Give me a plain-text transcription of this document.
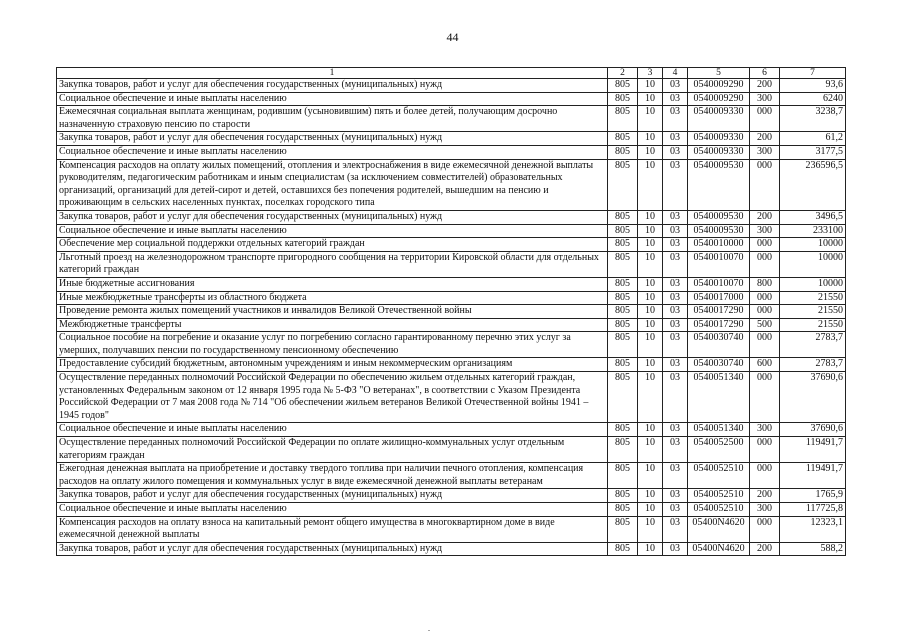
44
1	2	3	4	5	6	7
Закупка товаров, работ и услуг для обеспечения государственных (муниципальных) нужд	805	10	03	0540009290	200	93,6
Социальное обеспечение и иные выплаты населению	805	10	03	0540009290	300	6240
Ежемесячная социальная выплата женщинам, родившим (усыновившим) пять и более детей, получающим досрочно назначенную страховую пенсию по старости	805	10	03	0540009330	000	3238,7
Закупка товаров, работ и услуг для обеспечения государственных (муниципальных) нужд	805	10	03	0540009330	200	61,2
Социальное обеспечение и иные выплаты населению	805	10	03	0540009330	300	3177,5
Компенсация расходов на оплату жилых помещений, отопления и электроснабжения в виде ежемесячной денежной выплаты руководителям, педагогическим работникам и иным специалистам (за исключением совместителей) образовательных организаций, организаций для детей-сирот и детей, оставшихся без попечения родителей, вышедшим на пенсию и проживающим в сельских населенных пунктах, поселках городского типа	805	10	03	0540009530	000	236596,5
Закупка товаров, работ и услуг для обеспечения государственных (муниципальных) нужд	805	10	03	0540009530	200	3496,5
Социальное обеспечение и иные выплаты населению	805	10	03	0540009530	300	233100
Обеспечение мер социальной поддержки отдельных категорий граждан	805	10	03	0540010000	000	10000
Льготный проезд на железнодорожном транспорте пригородного сообщения на территории Кировской области для отдельных категорий граждан	805	10	03	0540010070	000	10000
Иные бюджетные ассигнования	805	10	03	0540010070	800	10000
Иные межбюджетные трансферты из областного бюджета	805	10	03	0540017000	000	21550
Проведение ремонта жилых помещений участников и инвалидов Великой Отечественной войны	805	10	03	0540017290	000	21550
Межбюджетные трансферты	805	10	03	0540017290	500	21550
Социальное пособие на погребение и оказание услуг по погребению согласно гарантированному перечню этих услуг за умерших, получавших пенсии по государственному пенсионному обеспечению	805	10	03	0540030740	000	2783,7
Предоставление субсидий бюджетным, автономным учреждениям и иным некоммерческим организациям	805	10	03	0540030740	600	2783,7
Осуществление переданных полномочий Российской Федерации по обеспечению жильем отдельных категорий граждан, установленных Федеральным законом от 12 января 1995 года № 5-ФЗ "О ветеранах", в соответствии с Указом Президента Российской Федерации от 7 мая 2008 года № 714 "Об обеспечении жильем ветеранов Великой Отечественной войны 1941 – 1945 годов"	805	10	03	0540051340	000	37690,6
Социальное обеспечение и иные выплаты населению	805	10	03	0540051340	300	37690,6
Осуществление переданных полномочий Российской Федерации по оплате жилищно-коммунальных услуг отдельным категориям граждан	805	10	03	0540052500	000	119491,7
Ежегодная денежная выплата на приобретение и доставку твердого топлива при наличии печного отопления, компенсация расходов на оплату жилого помещения и коммунальных услуг в виде ежемесячной денежной выплаты ветеранам	805	10	03	0540052510	000	119491,7
Закупка товаров, работ и услуг для обеспечения государственных (муниципальных) нужд	805	10	03	0540052510	200	1765,9
Социальное обеспечение и иные выплаты населению	805	10	03	0540052510	300	117725,8
Компенсация расходов на оплату взноса на капитальный ремонт общего имущества в многоквартирном доме в виде ежемесячной денежной выплаты	805	10	03	05400N4620	000	12323,1
Закупка товаров, работ и услуг для обеспечения государственных (муниципальных) нужд	805	10	03	05400N4620	200	588,2
.
